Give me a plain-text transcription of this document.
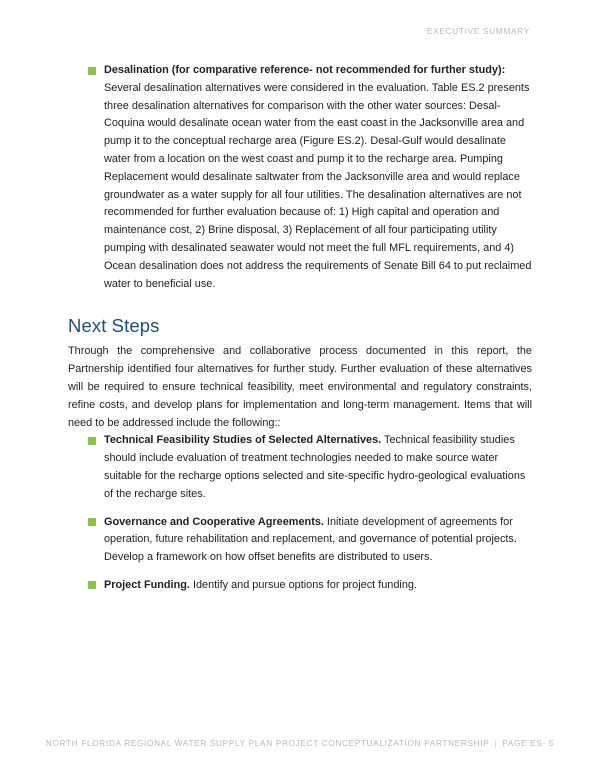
EXECUTIVE SUMMARY
Desalination (for comparative reference- not recommended for further study): Several desalination alternatives were considered in the evaluation. Table ES.2 presents three desalination alternatives for comparison with the other water sources: Desal-Coquina would desalinate ocean water from the east coast in the Jacksonville area and pump it to the conceptual recharge area (Figure ES.2). Desal-Gulf would desalinate water from a location on the west coast and pump it to the recharge area. Pumping Replacement would desalinate saltwater from the Jacksonville area and would replace groundwater as a water supply for all four utilities. The desalination alternatives are not recommended for further evaluation because of: 1) High capital and operation and maintenance cost, 2) Brine disposal, 3) Replacement of all four participating utility pumping with desalinated seawater would not meet the full MFL requirements, and 4) Ocean desalination does not address the requirements of Senate Bill 64 to put reclaimed water to beneficial use.
Next Steps

Through the comprehensive and collaborative process documented in this report, the Partnership identified four alternatives for further study. Further evaluation of these alternatives will be required to ensure technical feasibility, meet environmental and regulatory constraints, refine costs, and develop plans for implementation and long-term management. Items that will need to be addressed include the following::

Technical Feasibility Studies of Selected Alternatives. Technical feasibility studies should include evaluation of treatment technologies needed to make source water suitable for the recharge options selected and site-specific hydro-geological evaluations of the recharge sites.
Governance and Cooperative Agreements. Initiate development of agreements for operation, future rehabilitation and replacement, and governance of potential projects. Develop a framework on how offset benefits are distributed to users.
Project Funding. Identify and pursue options for project funding.
NORTH FLORIDA REGIONAL WATER SUPPLY PLAN PROJECT CONCEPTUALIZATION PARTNERSHIP | PAGE ES- 5
